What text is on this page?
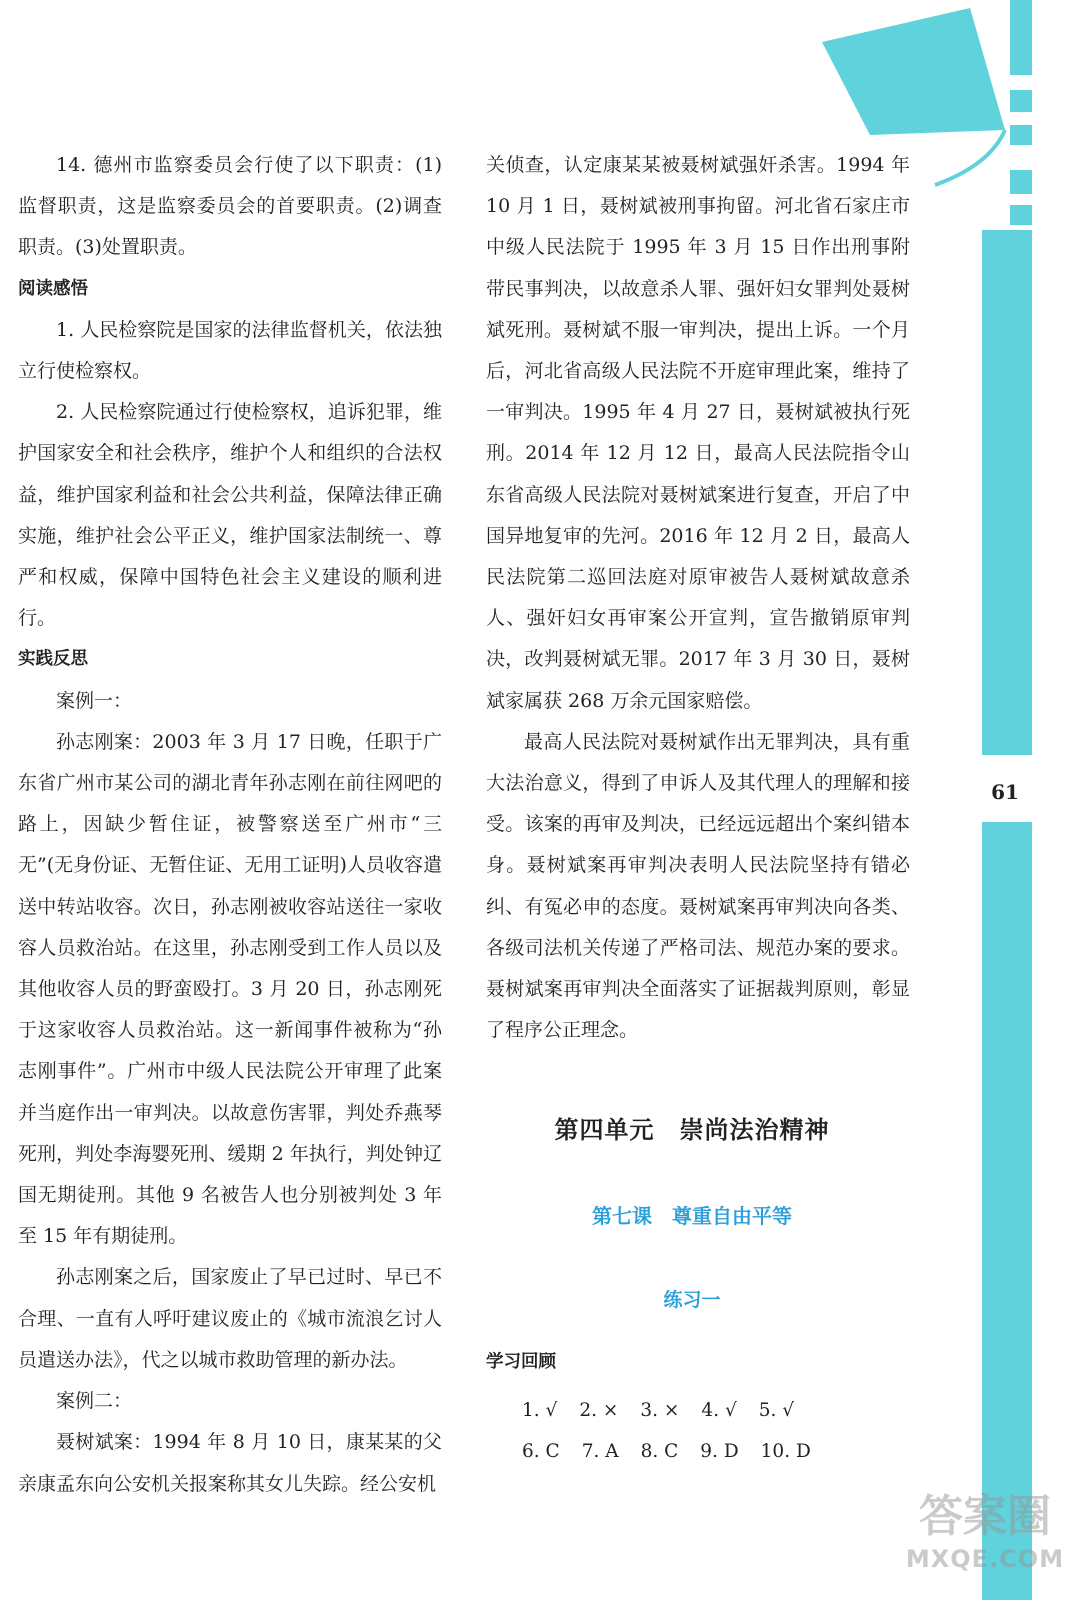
61

14. 德州市监察委员会行使了以下职责：(1)监督职责，这是监察委员会的首要职责。(2)调查职责。(3)处置职责。

阅读感悟

1. 人民检察院是国家的法律监督机关，依法独立行使检察权。

2. 人民检察院通过行使检察权，追诉犯罪，维护国家安全和社会秩序，维护个人和组织的合法权益，维护国家利益和社会公共利益，保障法律正确实施，维护社会公平正义，维护国家法制统一、尊严和权威，保障中国特色社会主义建设的顺利进行。

实践反思

案例一：

孙志刚案：2003 年 3 月 17 日晚，任职于广东省广州市某公司的湖北青年孙志刚在前往网吧的路上，因缺少暂住证，被警察送至广州市“三无”(无身份证、无暂住证、无用工证明)人员收容遣送中转站收容。次日，孙志刚被收容站送往一家收容人员救治站。在这里，孙志刚受到工作人员以及其他收容人员的野蛮殴打。3 月 20 日，孙志刚死于这家收容人员救治站。这一新闻事件被称为“孙志刚事件”。广州市中级人民法院公开审理了此案并当庭作出一审判决。以故意伤害罪，判处乔燕琴死刑，判处李海婴死刑、缓期 2 年执行，判处钟辽国无期徒刑。其他 9 名被告人也分别被判处 3 年至 15 年有期徒刑。

孙志刚案之后，国家废止了早已过时、早已不合理、一直有人呼吁建议废止的《城市流浪乞讨人员遣送办法》，代之以城市救助管理的新办法。

案例二：

聂树斌案：1994 年 8 月 10 日，康某某的父亲康孟东向公安机关报案称其女儿失踪。经公安机

关侦查，认定康某某被聂树斌强奸杀害。1994 年 10 月 1 日，聂树斌被刑事拘留。河北省石家庄市中级人民法院于 1995 年 3 月 15 日作出刑事附带民事判决，以故意杀人罪、强奸妇女罪判处聂树斌死刑。聂树斌不服一审判决，提出上诉。一个月后，河北省高级人民法院不开庭审理此案，维持了一审判决。1995 年 4 月 27 日，聂树斌被执行死刑。2014 年 12 月 12 日，最高人民法院指令山东省高级人民法院对聂树斌案进行复查，开启了中国异地复审的先河。2016 年 12 月 2 日，最高人民法院第二巡回法庭对原审被告人聂树斌故意杀人、强奸妇女再审案公开宣判，宣告撤销原审判决，改判聂树斌无罪。2017 年 3 月 30 日，聂树斌家属获 268 万余元国家赔偿。

最高人民法院对聂树斌作出无罪判决，具有重大法治意义，得到了申诉人及其代理人的理解和接受。该案的再审及判决，已经远远超出个案纠错本身。聂树斌案再审判决表明人民法院坚持有错必纠、有冤必申的态度。聂树斌案再审判决向各类、各级司法机关传递了严格司法、规范办案的要求。聂树斌案再审判决全面落实了证据裁判原则，彰显了程序公正理念。

第四单元　崇尚法治精神
第七课　尊重自由平等
练习一
学习回顾
1. √ 2. × 3. × 4. √ 5. √
6. C 7. A 8. C 9. D 10. D
答案圈
MXQE.COM
